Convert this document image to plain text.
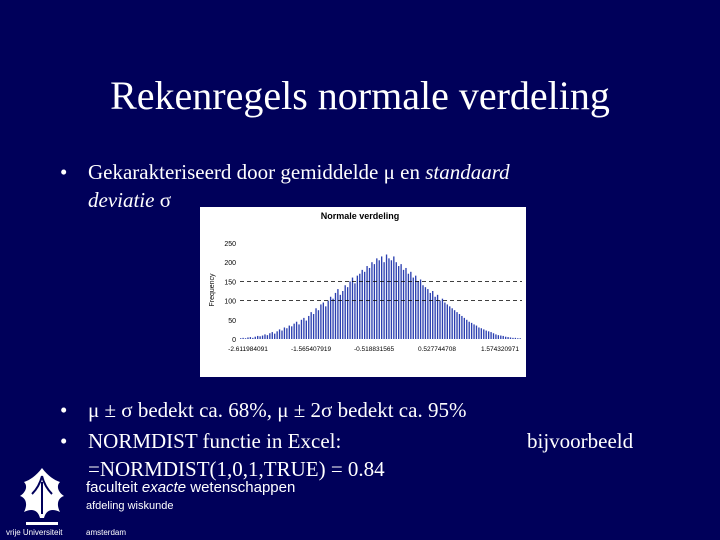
Rekenregels normale verdeling
• Gekarakteriseerd door gemiddelde μ en standaard
deviatie σ
Normale verdeling
Frequency
0
50
100
150
200
250
-2.611984091	-1.565407919	-0.518831565	0.527744708	1.574320971
• μ ± σ bedekt ca. 68%, μ ± 2σ bedekt ca. 95%
• NORMDIST functie in Excel:
=NORMDIST(1,0,1,TRUE) = 0.84
bijvoorbeeld
faculteit exacte wetenschappen
afdeling wiskunde
vrije Universiteit	amsterdam
